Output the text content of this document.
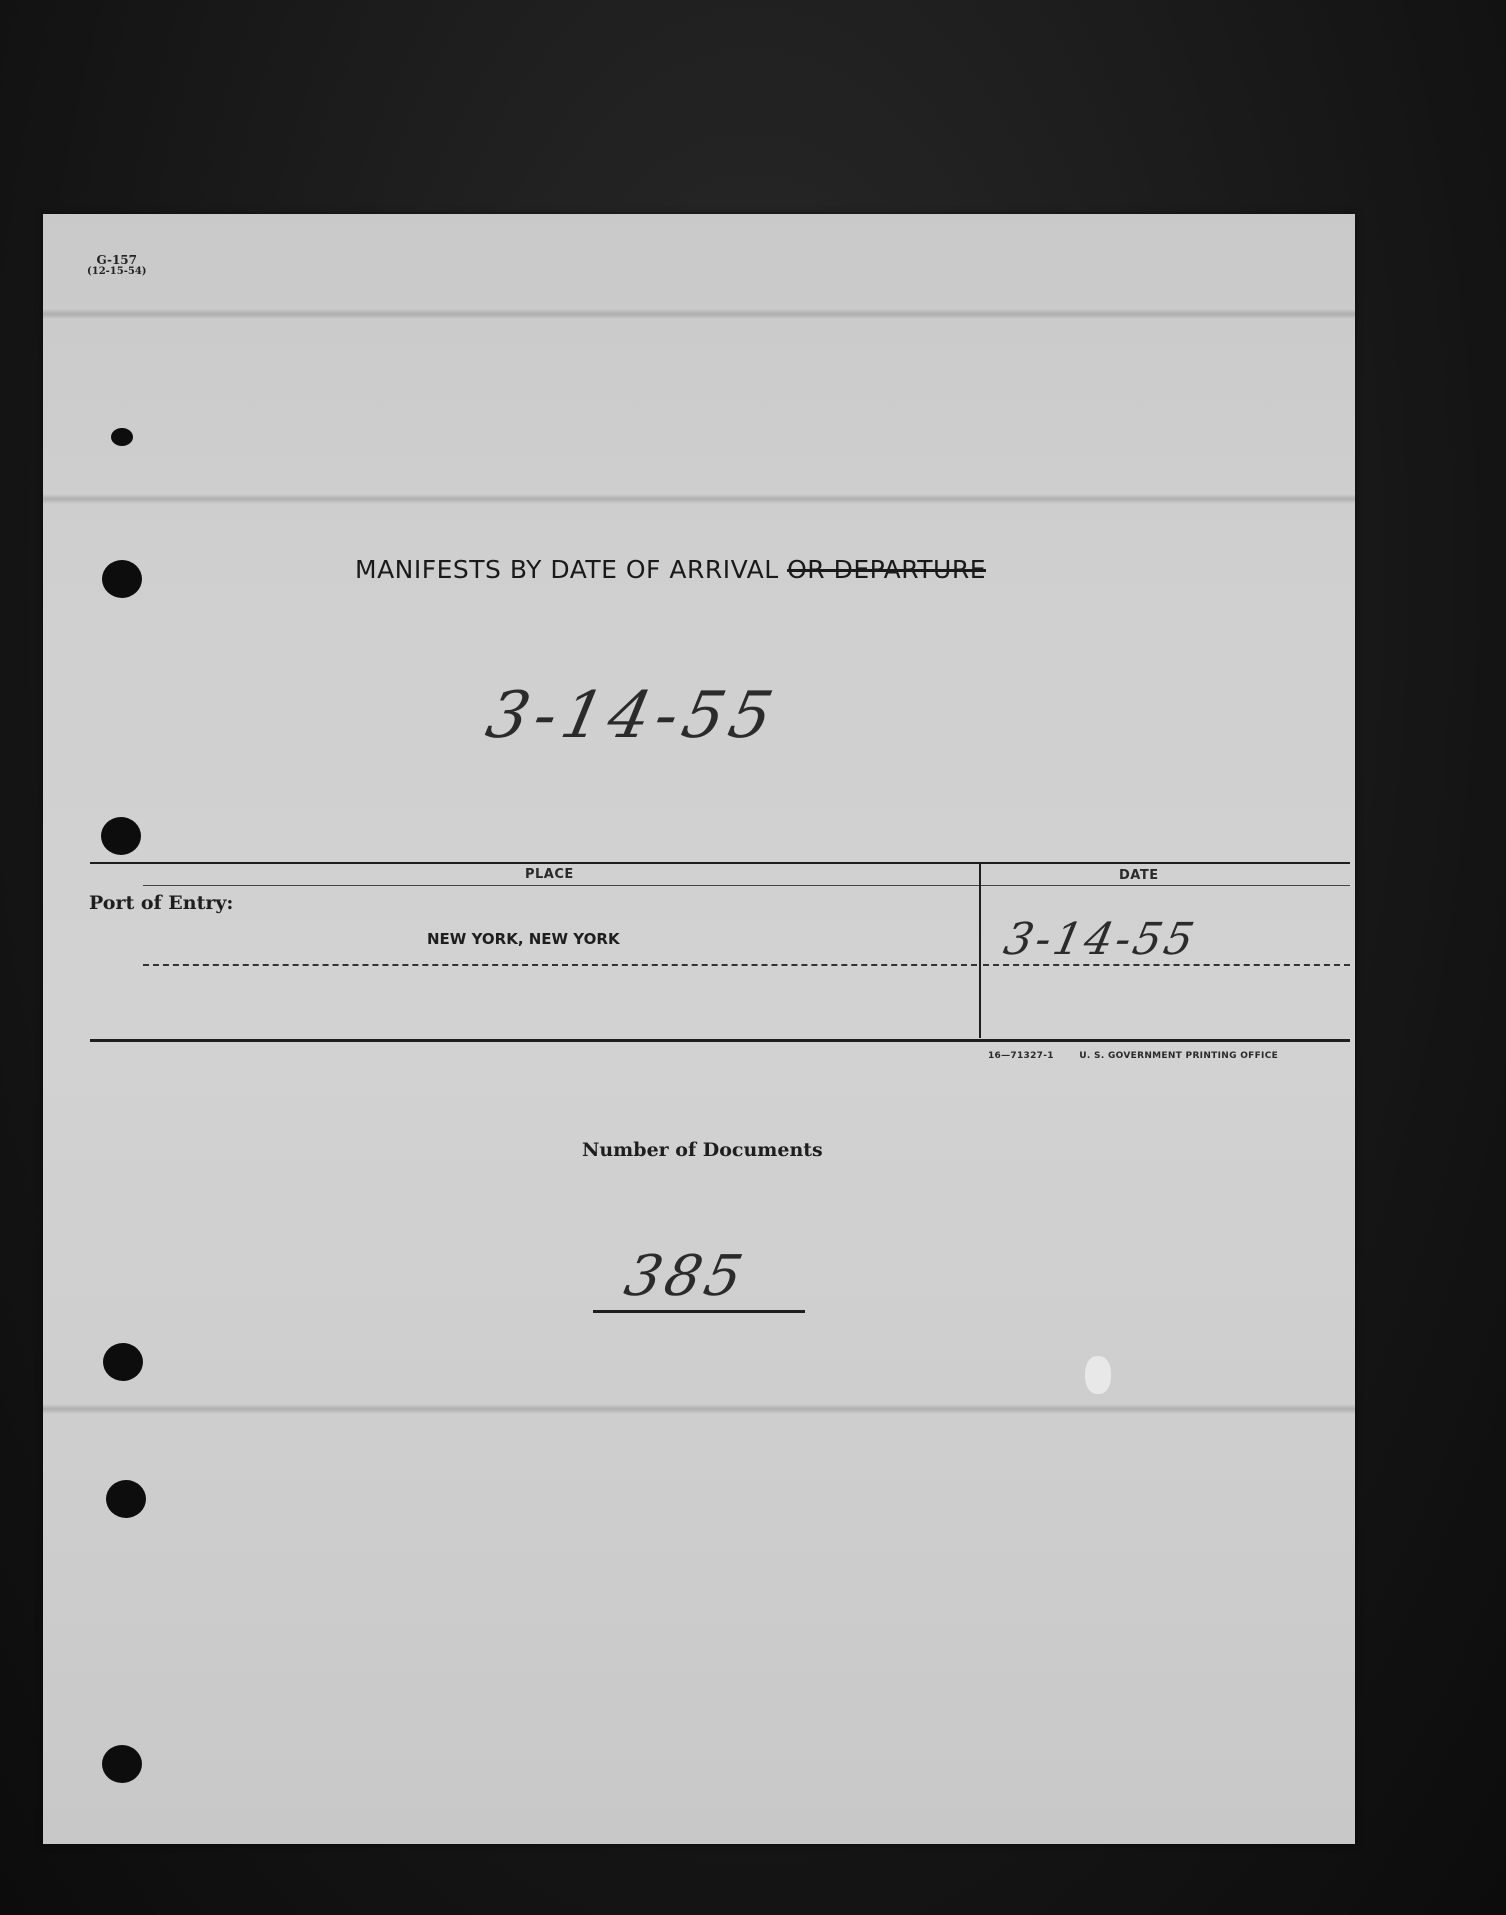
G-157
(12-15-54)
MANIFESTS BY DATE OF ARRIVAL OR DEPARTURE
3-14-55
PLACE	DATE
Port of Entry:
NEW YORK, NEW YORK	3-14-55
16—71327-1	U. S. GOVERNMENT PRINTING OFFICE
Number of Documents
385
